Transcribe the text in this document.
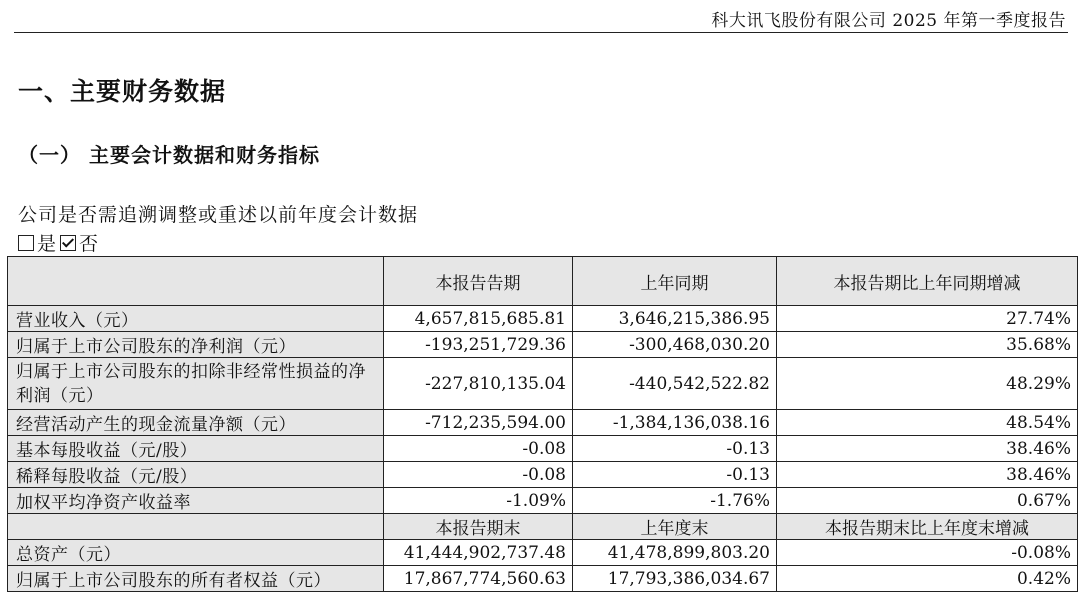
科大讯飞股份有限公司 2025 年第一季度报告
一、主要财务数据
（一） 主要会计数据和财务指标
公司是否需追溯调整或重述以前年度会计数据
是 否
	本报告告期	上年同期	本报告期比上年同期增减
营业收入（元）	4,657,815,685.81	3,646,215,386.95	27.74%
归属于上市公司股东的净利润（元）	-193,251,729.36	-300,468,030.20	35.68%
归属于上市公司股东的扣除非经常性损益的净利润（元）	-227,810,135.04	-440,542,522.82	48.29%
经营活动产生的现金流量净额（元）	-712,235,594.00	-1,384,136,038.16	48.54%
基本每股收益（元/股）	-0.08	-0.13	38.46%
稀释每股收益（元/股）	-0.08	-0.13	38.46%
加权平均净资产收益率	-1.09%	-1.76%	0.67%
	本报告期末	上年度末	本报告期末比上年度末增减
总资产（元）	41,444,902,737.48	41,478,899,803.20	-0.08%
归属于上市公司股东的所有者权益（元）	17,867,774,560.63	17,793,386,034.67	0.42%
